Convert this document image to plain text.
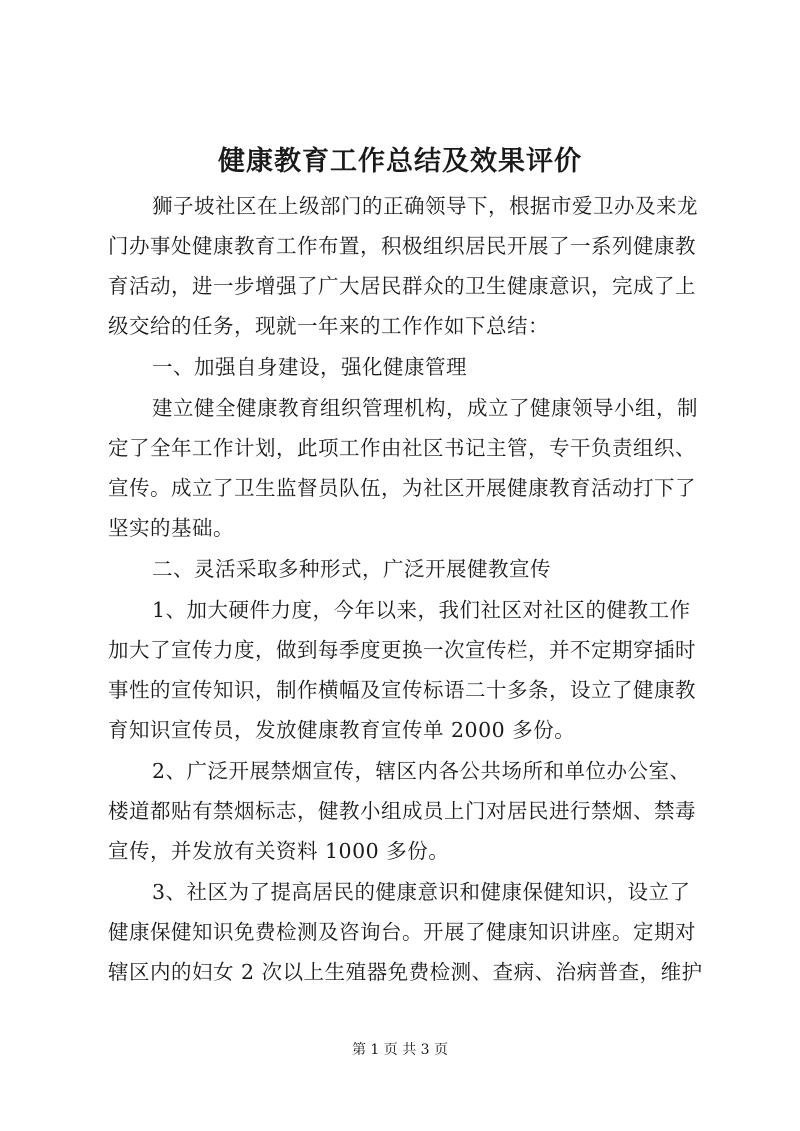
健康教育工作总结及效果评价
狮子坡社区在上级部门的正确领导下，根据市爱卫办及来龙
门办事处健康教育工作布置，积极组织居民开展了一系列健康教
育活动，进一步增强了广大居民群众的卫生健康意识，完成了上
级交给的任务，现就一年来的工作作如下总结：
一、加强自身建设，强化健康管理
建立健全健康教育组织管理机构，成立了健康领导小组，制
定了全年工作计划，此项工作由社区书记主管，专干负责组织、
宣传。成立了卫生监督员队伍，为社区开展健康教育活动打下了
坚实的基础。
二、灵活采取多种形式，广泛开展健教宣传
1、加大硬件力度，今年以来，我们社区对社区的健教工作
加大了宣传力度，做到每季度更换一次宣传栏，并不定期穿插时
事性的宣传知识，制作横幅及宣传标语二十多条，设立了健康教
育知识宣传员，发放健康教育宣传单 2000 多份。
2、广泛开展禁烟宣传，辖区内各公共场所和单位办公室、
楼道都贴有禁烟标志，健教小组成员上门对居民进行禁烟、禁毒
宣传，并发放有关资料 1000 多份。
3、社区为了提高居民的健康意识和健康保健知识，设立了
健康保健知识免费检测及咨询台。开展了健康知识讲座。定期对
辖区内的妇女 2 次以上生殖器免费检测、查病、治病普查，维护
第 1 页 共 3 页
